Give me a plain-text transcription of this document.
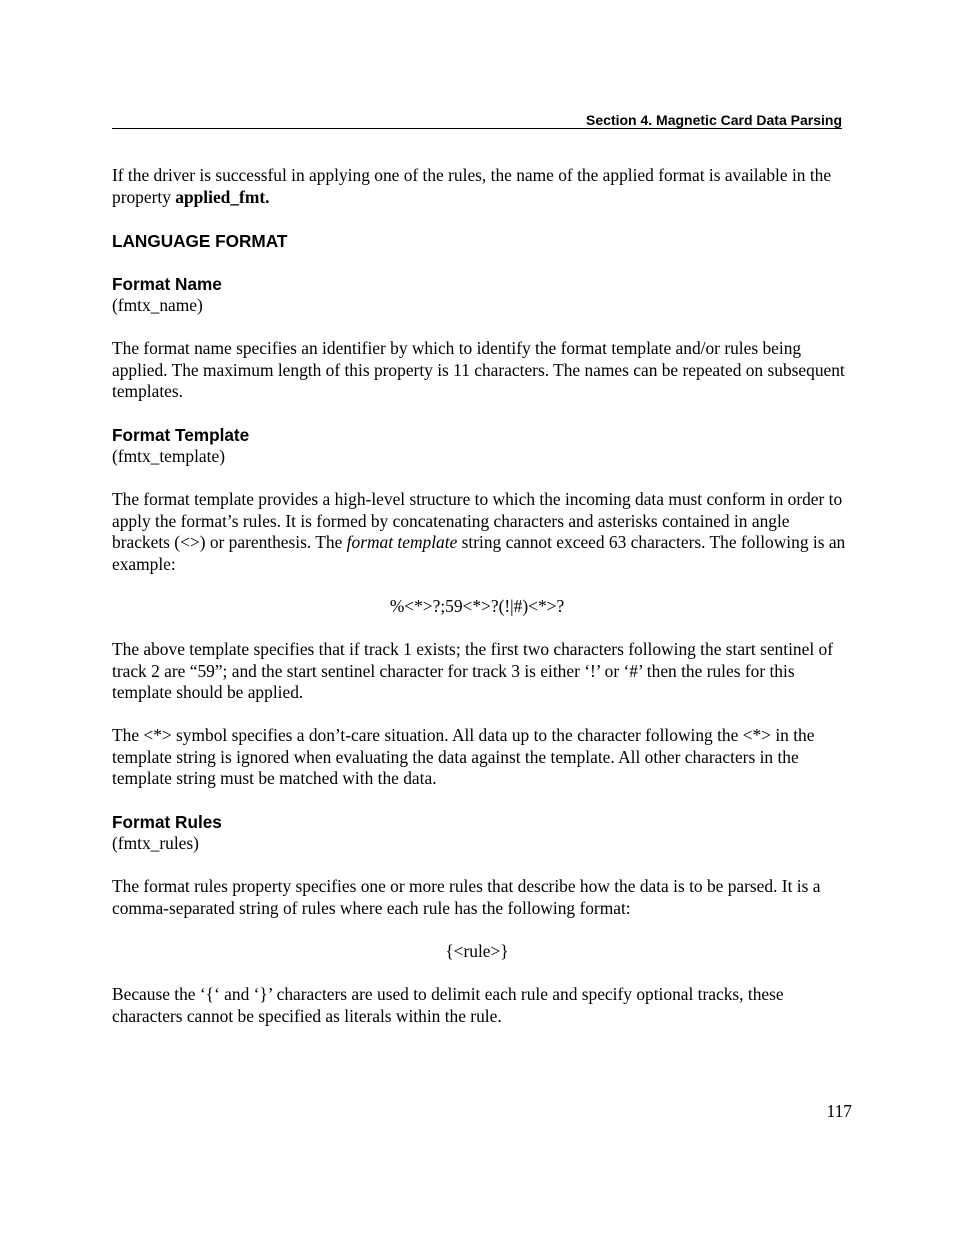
Section 4. Magnetic Card Data Parsing
If the driver is successful in applying one of the rules, the name of the applied format is available in the property applied_fmt.
LANGUAGE FORMAT
Format Name
(fmtx_name)
The format name specifies an identifier by which to identify the format template and/or rules being applied. The maximum length of this property is 11 characters. The names can be repeated on subsequent templates.
Format Template
(fmtx_template)
The format template provides a high-level structure to which the incoming data must conform in order to apply the format’s rules. It is formed by concatenating characters and asterisks contained in angle brackets (<>) or parenthesis. The format template string cannot exceed 63 characters. The following is an example:
%<*>?;59<*>?(!|#)<*>?
The above template specifies that if track 1 exists; the first two characters following the start sentinel of track 2 are “59”; and the start sentinel character for track 3 is either ‘!’ or ‘#’ then the rules for this template should be applied.
The <*> symbol specifies a don’t-care situation. All data up to the character following the <*> in the template string is ignored when evaluating the data against the template. All other characters in the template string must be matched with the data.
Format Rules
(fmtx_rules)
The format rules property specifies one or more rules that describe how the data is to be parsed. It is a comma-separated string of rules where each rule has the following format:
{<rule>}
Because the ‘{‘ and ‘}’ characters are used to delimit each rule and specify optional tracks, these characters cannot be specified as literals within the rule.
117
